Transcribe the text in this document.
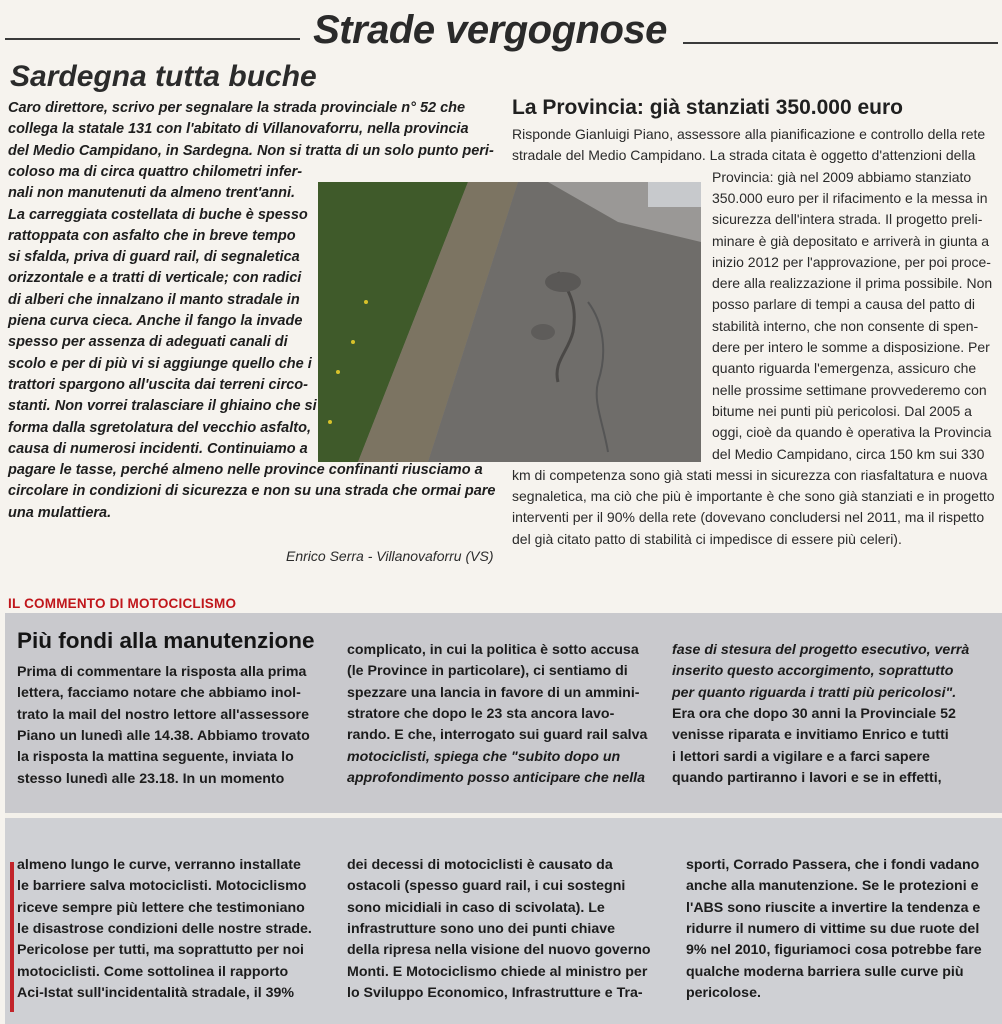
Strade vergognose
Sardegna tutta buche
Caro direttore, scrivo per segnalare la strada provinciale n° 52 che
collega la statale 131 con l'abitato di Villanovaforru, nella provincia
del Medio Campidano, in Sardegna. Non si tratta di un solo punto peri-
coloso ma di circa quattro chilometri infer-
nali non manutenuti da almeno trent'anni.
La carreggiata costellata di buche è spesso
rattoppata con asfalto che in breve tempo
si sfalda, priva di guard rail, di segnaletica
orizzontale e a tratti di verticale; con radici
di alberi che innalzano il manto stradale in
piena curva cieca. Anche il fango la invade
spesso per assenza di adeguati canali di
scolo e per di più vi si aggiunge quello che i
trattori spargono all'uscita dai terreni circo-
stanti. Non vorrei tralasciare il ghiaino che si
forma dalla sgretolatura del vecchio asfalto,
causa di numerosi incidenti. Continuiamo a
pagare le tasse, perché almeno nelle province confinanti riusciamo a
circolare in condizioni di sicurezza e non su una strada che ormai pare
una mulattiera.
Enrico Serra - Villanovaforru (VS)
La Provincia: già stanziati 350.000 euro
Risponde Gianluigi Piano, assessore alla pianificazione e controllo della rete
stradale del Medio Campidano. La strada citata è oggetto d'attenzioni della
Provincia: già nel 2009 abbiamo stanziato
350.000 euro per il rifacimento e la messa in
sicurezza dell'intera strada. Il progetto preli-
minare è già depositato e arriverà in giunta a
inizio 2012 per l'approvazione, per poi proce-
dere alla realizzazione il prima possibile. Non
posso parlare di tempi a causa del patto di
stabilità interno, che non consente di spen-
dere per intero le somme a disposizione. Per
quanto riguarda l'emergenza, assicuro che
nelle prossime settimane provvederemo con
bitume nei punti più pericolosi. Dal 2005 a
oggi, cioè da quando è operativa la Provincia
del Medio Campidano, circa 150 km sui 330
km di competenza sono già stati messi in sicurezza con riasfaltatura e nuova
segnaletica, ma ciò che più è importante è che sono già stanziati e in progetto
interventi per il 90% della rete (dovevano concludersi nel 2011, ma il rispetto
del già citato patto di stabilità ci impedisce di essere più celeri).
IL COMMENTO DI MOTOCICLISMO
Più fondi alla manutenzione
Prima di commentare la risposta alla prima
lettera, facciamo notare che abbiamo inol-
trato la mail del nostro lettore all'assessore
Piano un lunedì alle 14.38. Abbiamo trovato
la risposta la mattina seguente, inviata lo
stesso lunedì alle 23.18. In un momento
complicato, in cui la politica è sotto accusa
(le Province in particolare), ci sentiamo di
spezzare una lancia in favore di un ammini-
stratore che dopo le 23 sta ancora lavo-
rando. E che, interrogato sui guard rail salva
motociclisti, spiega che "subito dopo un
approfondimento posso anticipare che nella
fase di stesura del progetto esecutivo, verrà
inserito questo accorgimento, soprattutto
per quanto riguarda i tratti più pericolosi".
Era ora che dopo 30 anni la Provinciale 52
venisse riparata e invitiamo Enrico e tutti
i lettori sardi a vigilare e a farci sapere
quando partiranno i lavori e se in effetti,
almeno lungo le curve, verranno installate
le barriere salva motociclisti. Motociclismo
riceve sempre più lettere che testimoniano
le disastrose condizioni delle nostre strade.
Pericolose per tutti, ma soprattutto per noi
motociclisti. Come sottolinea il rapporto
Aci-Istat sull'incidentalità stradale, il 39%
dei decessi di motociclisti è causato da
ostacoli (spesso guard rail, i cui sostegni
sono micidiali in caso di scivolata). Le
infrastrutture sono uno dei punti chiave
della ripresa nella visione del nuovo governo
Monti. E Motociclismo chiede al ministro per
lo Sviluppo Economico, Infrastrutture e Tra-
sporti, Corrado Passera, che i fondi vadano
anche alla manutenzione. Se le protezioni e
l'ABS sono riuscite a invertire la tendenza e
ridurre il numero di vittime su due ruote del
9% nel 2010, figuriamoci cosa potrebbe fare
qualche moderna barriera sulle curve più
pericolose.
